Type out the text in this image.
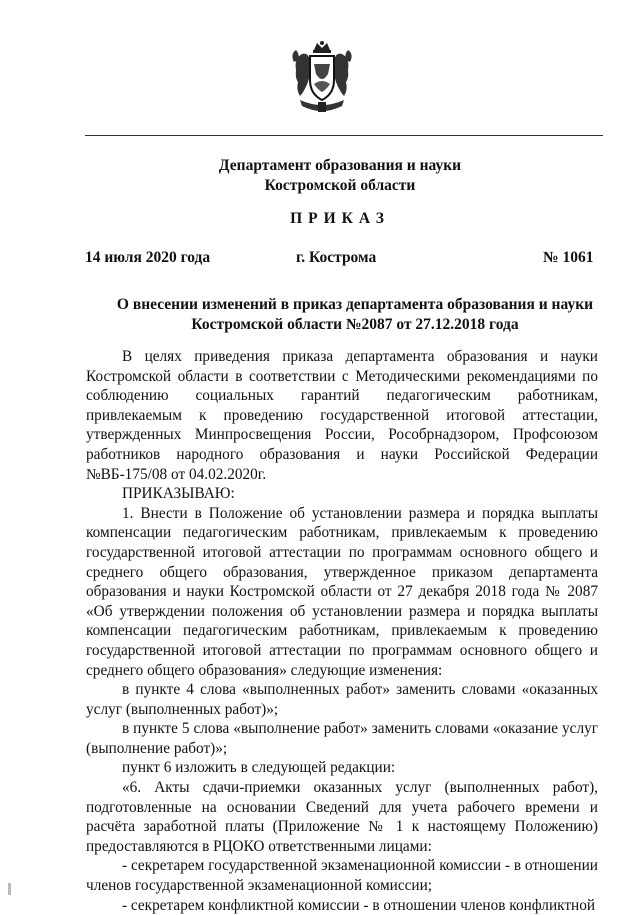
Департамент образования и науки
Костромской области
ПРИКАЗ
14 июля 2020 года	г. Кострома	№ 1061
О внесении изменений в приказ департамента образования и науки
Костромской области №2087 от 27.12.2018 года

В целях приведения приказа департамента образования и науки Костромской области в соответствии с Методическими рекомендациями по соблюдению социальных гарантий педагогическим работникам, привлекаемым к проведению государственной итоговой аттестации, утвержденных Минпросвещения России, Рособрнадзором, Профсоюзом работников народного образования и науки Российской Федерации №ВБ-175/08 от 04.02.2020г.

ПРИКАЗЫВАЮ:

1. Внести в Положение об установлении размера и порядка выплаты компенсации педагогическим работникам, привлекаемым к проведению государственной итоговой аттестации по программам основного общего и среднего общего образования, утвержденное приказом департамента образования и науки Костромской области от 27 декабря 2018 года № 2087 «Об утверждении положения об установлении размера и порядка выплаты компенсации педагогическим работникам, привлекаемым к проведению государственной итоговой аттестации по программам основного общего и среднего общего образования» следующие изменения:

в пункте 4 слова «выполненных работ» заменить словами «оказанных услуг (выполненных работ)»;

в пункте 5 слова «выполнение работ» заменить словами «оказание услуг (выполнение работ)»;

пункт 6 изложить в следующей редакции:

«6. Акты сдачи-приемки оказанных услуг (выполненных работ), подготовленные на основании Сведений для учета рабочего времени и расчёта заработной платы (Приложение № 1 к настоящему Положению) предоставляются в РЦОКО ответственными лицами:

- секретарем государственной экзаменационной комиссии - в отношении членов государственной экзаменационной комиссии;

- секретарем конфликтной комиссии - в отношении членов конфликтной
